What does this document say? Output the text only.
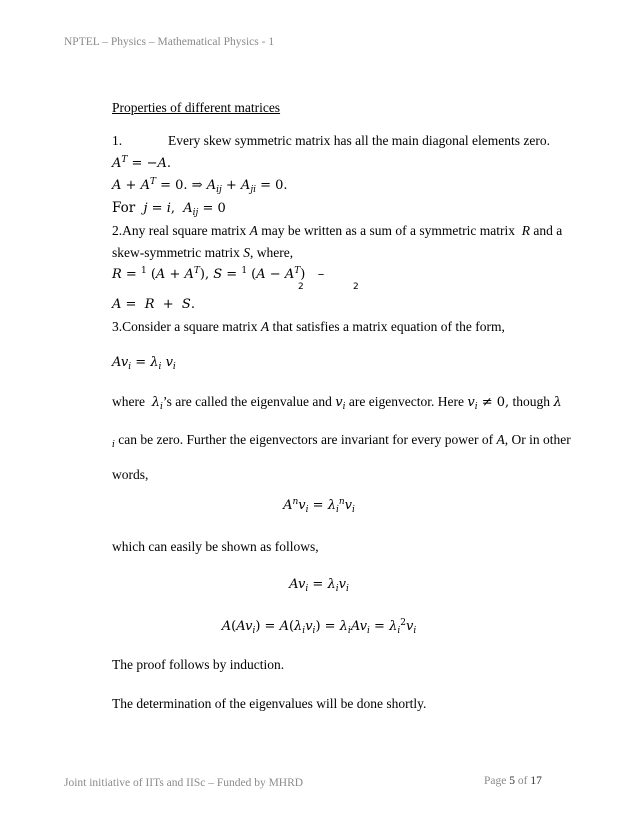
NPTEL – Physics – Mathematical Physics - 1
Properties of different matrices
1.	Every skew symmetric matrix has all the main diagonal elements zero.
$A^T = -A$.
$A + A^T = 0$. ⇒ $A_{ij} + A_{ji} = 0$.
For j = i,  $A_{ij} = 0$
2.Any real square matrix A may be written as a sum of a symmetric matrix R and a
skew-symmetric matrix S, where,
R = $^1$ $(A + A^T)$, S = $^1$ $(A - A^T)$   –
2	2
A =  R  +  S.
3.Consider a square matrix A that satisfies a matrix equation of the form,
$Av_i = \lambda_i$ $v_i$
where $\lambda_i’s$ are called the eigenvalue and $v_i$ are eigenvector. Here $v_i \ne 0$, though λ
$_i$ can be zero. Further the eigenvectors are invariant for every power of A, Or in other
words,
$A^nv_i = \lambda_i^nv_i$
which can easily be shown as follows,
$Av_i = \lambda_iv_i$
$A(Av_i) = A(\lambda_iv_i) = \lambda_iAv_i = \lambda_i^2v_i$
The proof follows by induction.
The determination of the eigenvalues will be done shortly.
Joint initiative of IITs and IISc – Funded by MHRD	Page 5 of 17
